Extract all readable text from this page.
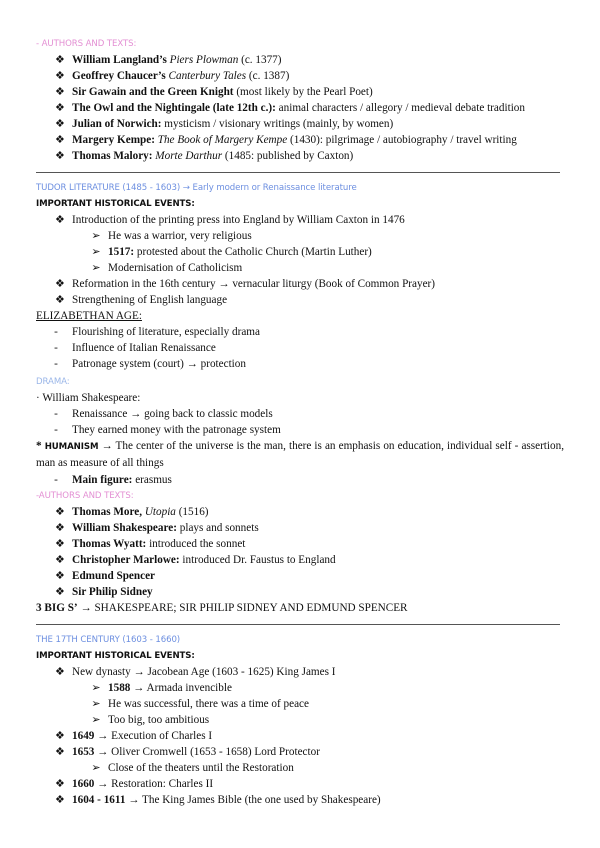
- AUTHORS AND TEXTS:
❖ William Langland’s Piers Plowman (c. 1377)
❖ Geoffrey Chaucer’s Canterbury Tales (c. 1387)
❖ Sir Gawain and the Green Knight (most likely by the Pearl Poet)
❖ The Owl and the Nightingale (late 12th c.): animal characters / allegory / medieval debate tradition
❖ Julian of Norwich: mysticism / visionary writings (mainly, by women)
❖ Margery Kempe: The Book of Margery Kempe (1430): pilgrimage / autobiography / travel writing
❖ Thomas Malory: Morte Darthur (1485: published by Caxton)
TUDOR LITERATURE (1485 - 1603) → Early modern or Renaissance literature
IMPORTANT HISTORICAL EVENTS:
❖ Introduction of the printing press into England by William Caxton in 1476
➢ He was a warrior, very religious
➢ 1517: protested about the Catholic Church (Martin Luther)
➢ Modernisation of Catholicism
❖ Reformation in the 16th century → vernacular liturgy (Book of Common Prayer)
❖ Strengthening of English language
ELIZABETHAN AGE:
-	Flourishing of literature, especially drama
-	Influence of Italian Renaissance
-	Patronage system (court) → protection
DRAMA:
· William Shakespeare:
-	Renaissance → going back to classic models
-	They earned money with the patronage system
* HUMANISM → The center of the universe is the man, there is an emphasis on education, individual self - assertion, man as measure of all things
-	Main figure: erasmus
-AUTHORS AND TEXTS:
❖ Thomas More, Utopia (1516)
❖ William Shakespeare: plays and sonnets
❖ Thomas Wyatt: introduced the sonnet
❖ Christopher Marlowe: introduced Dr. Faustus to England
❖ Edmund Spencer
❖ Sir Philip Sidney
3 BIG S’ → SHAKESPEARE; SIR PHILIP SIDNEY AND EDMUND SPENCER
THE 17TH CENTURY (1603 - 1660)
IMPORTANT HISTORICAL EVENTS:
❖ New dynasty → Jacobean Age (1603 - 1625) King James I
➢ 1588 → Armada invencible
➢ He was successful, there was a time of peace
➢ Too big, too ambitious
❖ 1649 → Execution of Charles I
❖ 1653 → Oliver Cromwell (1653 - 1658) Lord Protector
➢ Close of the theaters until the Restoration
❖ 1660 → Restoration: Charles II
❖ 1604 - 1611 → The King James Bible (the one used by Shakespeare)
